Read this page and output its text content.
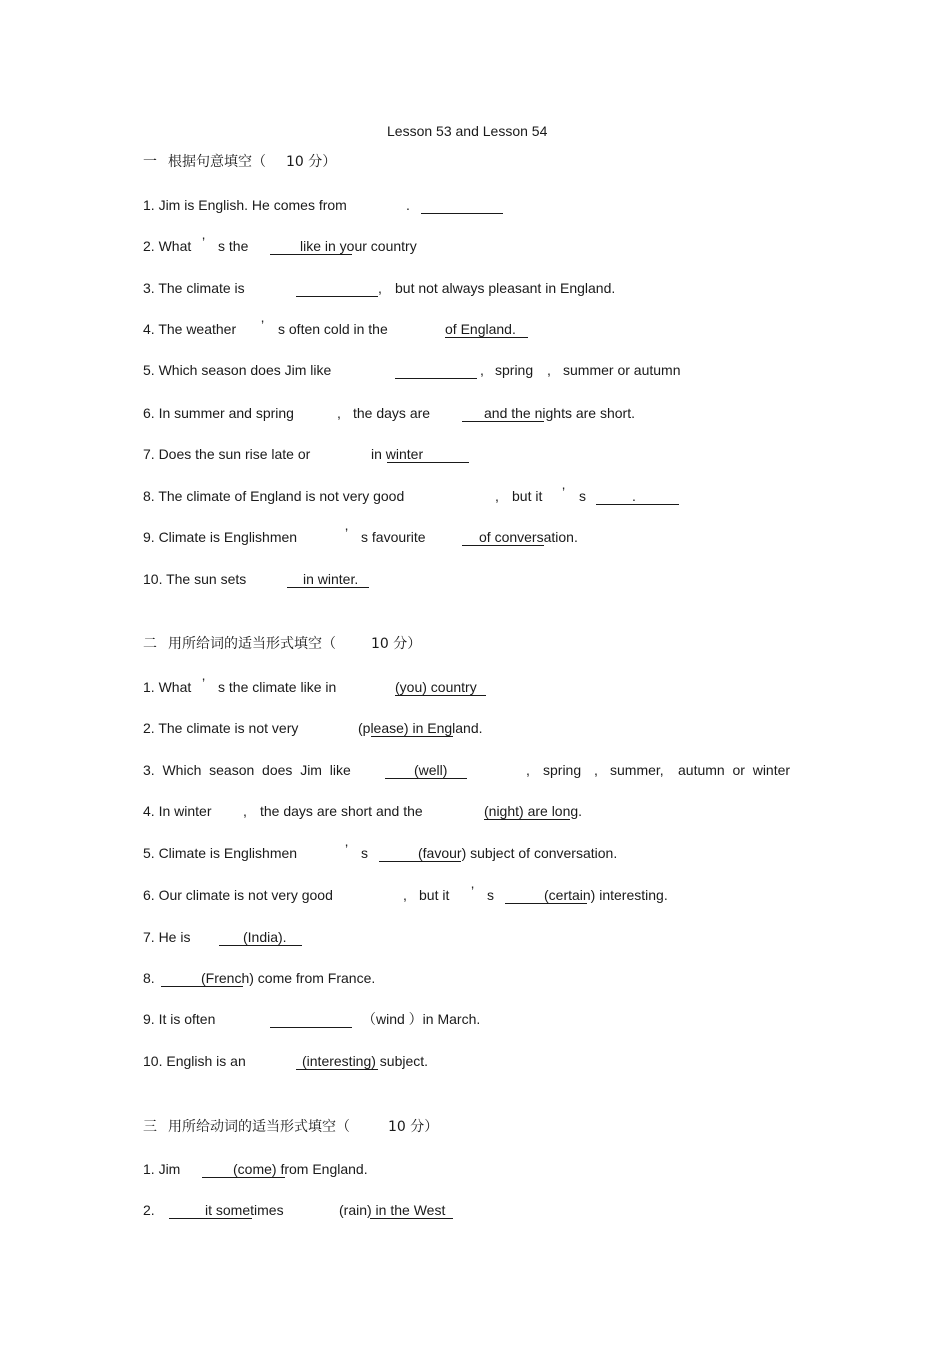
Lesson 53 and Lesson 54
一 根据句意填空（ 10 分）
1. Jim is English. He comes from	.
2. What ’ s the	like in your country
3. The climate is	, but not always pleasant in England.
4. The weather ’ s often cold in the	of England.
5. Which season does Jim like	, spring , summer or autumn
6. In summer and spring	, the days are	and the nights are short.
7. Does the sun rise late or	in winter
8. The climate of England is not very good	, but it ’ s	.
9. Climate is Englishmen	’ s favourite	of conversation.
10. The sun sets	in winter.
二 用所给词的适当形式填空（	10 分）
1. What ’ s the climate like in	(you) country
2. The climate is not very	(please) in England.
3.  Which  season  does  Jim  like	(well)	, spring , summer, autumn  or  winter
4. In winter , the days are short and the	(night) are long.
5. Climate is Englishmen	’ s	(favour) subject of conversation.
6. Our climate is not very good	, but it ’ s	(certain) interesting.
7. He is	(India).
8.	(French) come from France.
9. It is often	（wind ）in March.
10. English is an	(interesting) subject.
三 用所给动词的适当形式填空（	10 分）
1. Jim	(come) from England.
2.	it sometimes	(rain) in the West
